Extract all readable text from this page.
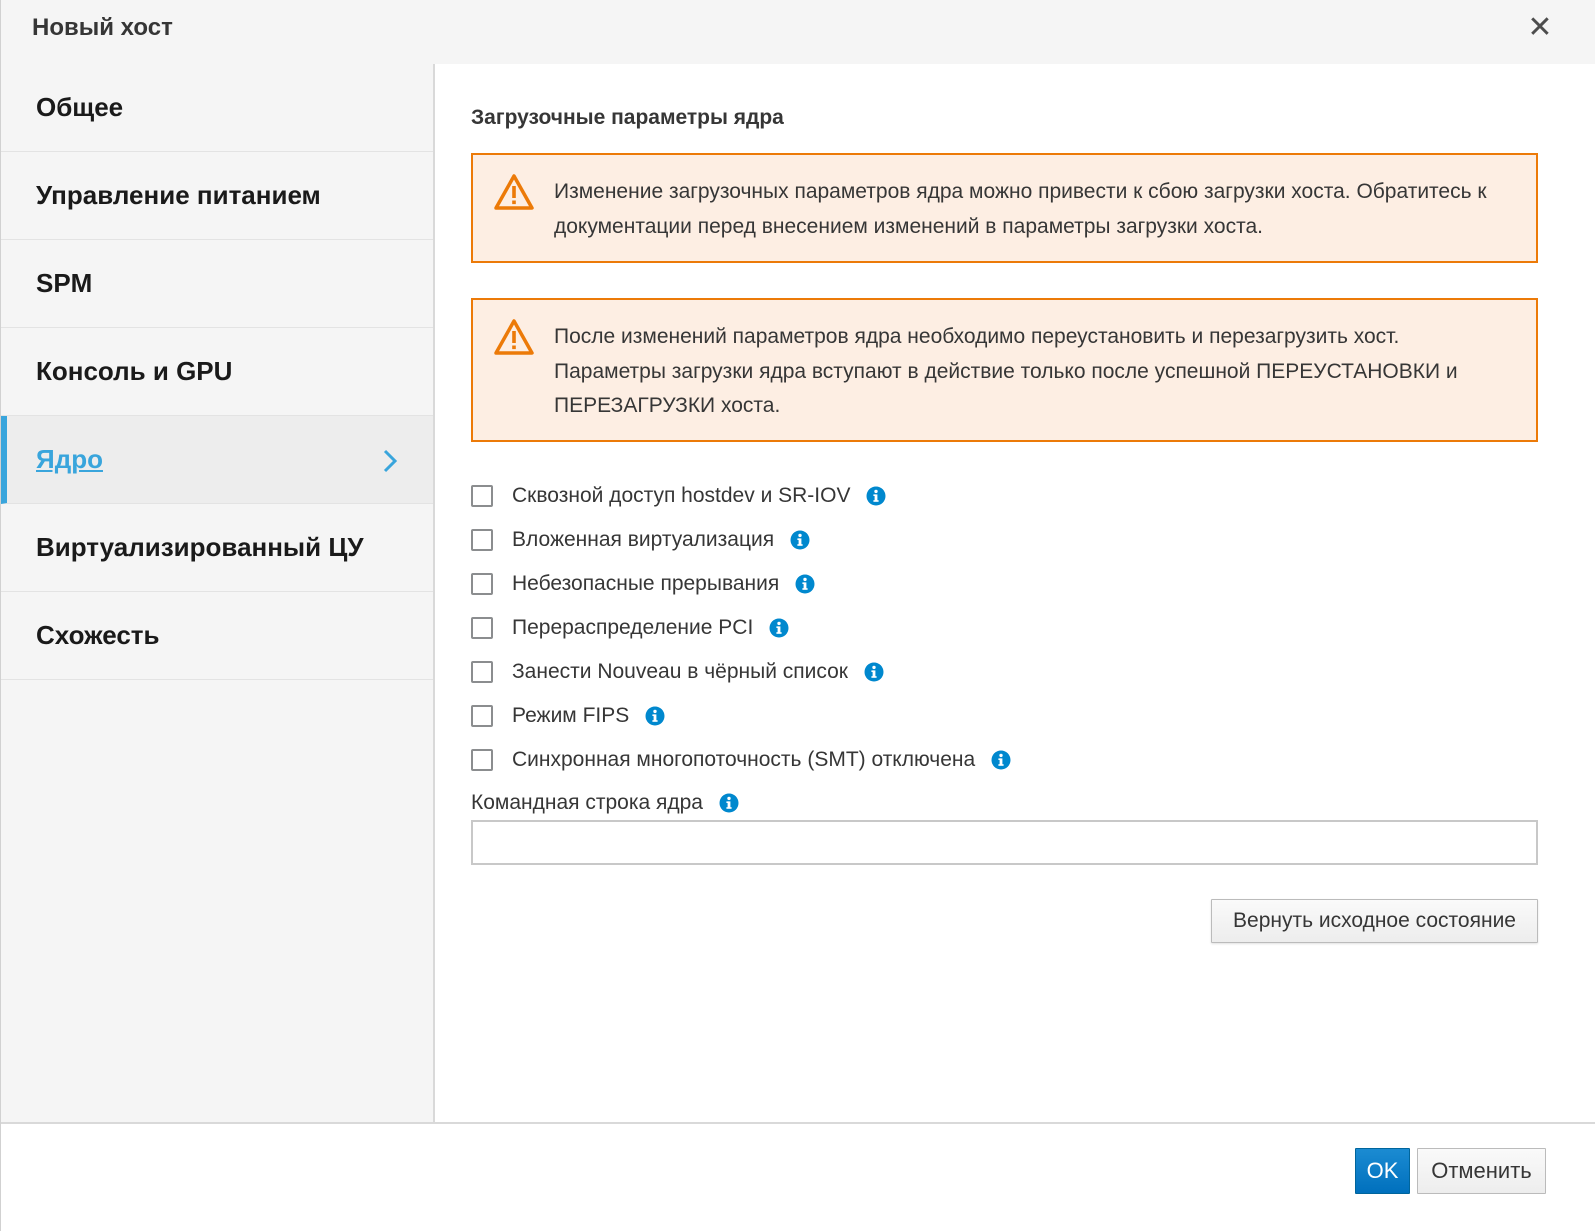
Новый хост	✕
Общее
Управление питанием
SPM
Консоль и GPU
Ядро
Виртуализированный ЦУ
Схожесть
Загрузочные параметры ядра
Изменение загрузочных параметров ядра можно привести к сбою загрузки хоста. Обратитесь к документации перед внесением изменений в параметры загрузки хоста.
После изменений параметров ядра необходимо переустановить и перезагрузить хост. Параметры загрузки ядра вступают в действие только после успешной ПЕРЕУСТАНОВКИ и ПЕРЕЗАГРУЗКИ хоста.
Сквозной доступ hostdev и SR-IOV
Вложенная виртуализация
Небезопасные прерывания
Перераспределение PCI
Занести Nouveau в чёрный список
Режим FIPS
Синхронная многопоточность (SMT) отключена
Командная строка ядра
Вернуть исходное состояние
OK	Отменить
